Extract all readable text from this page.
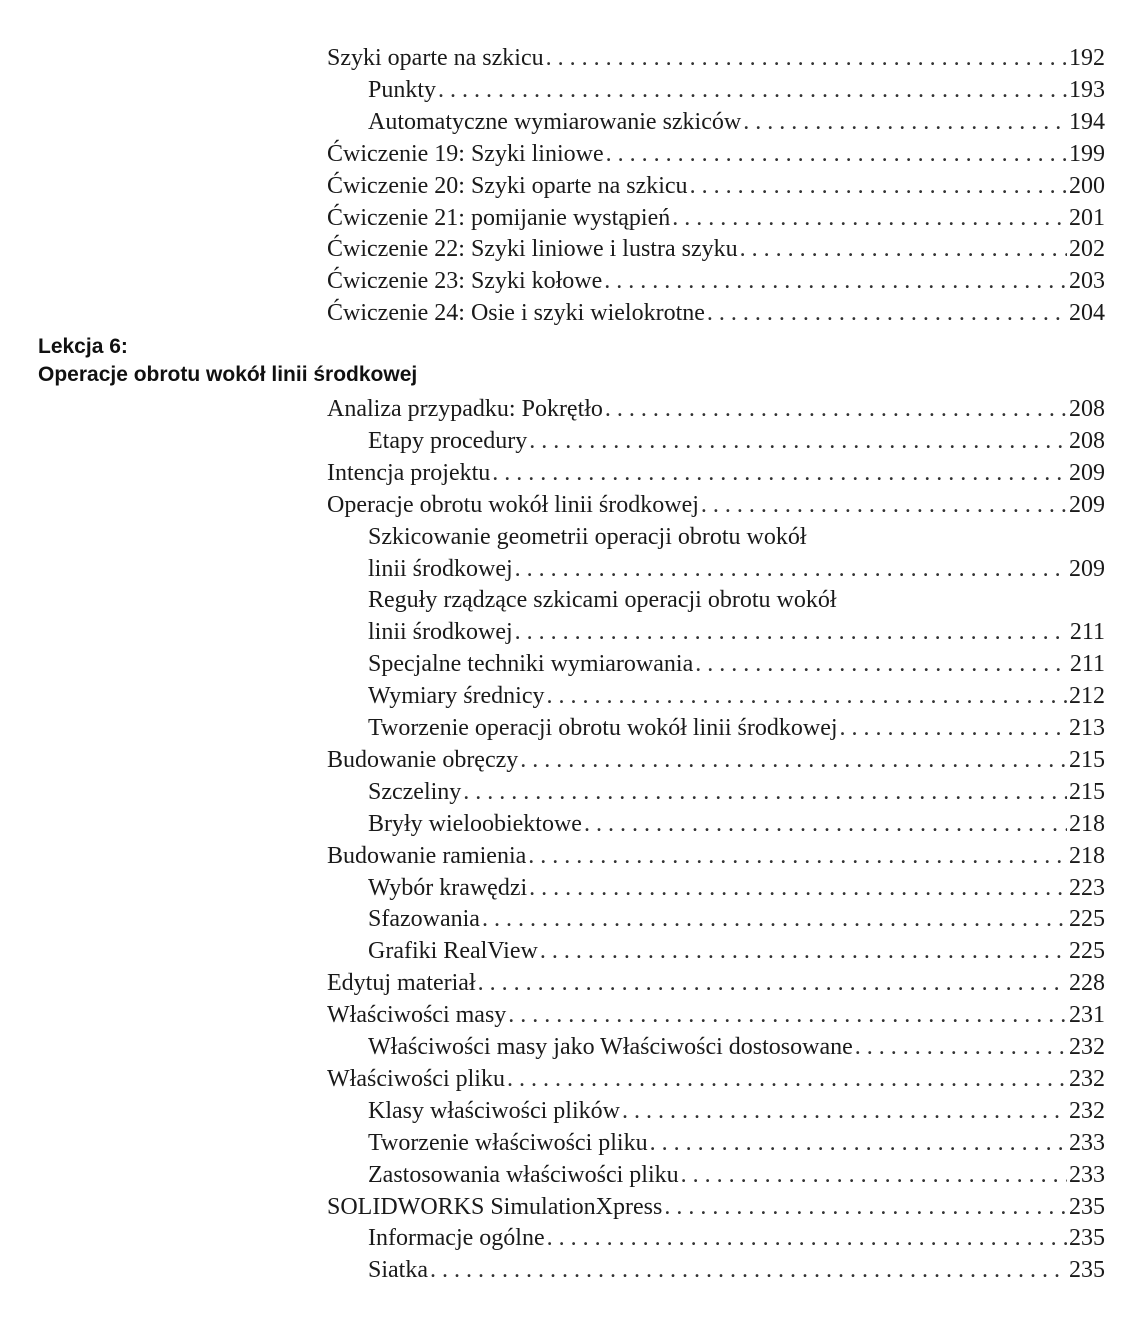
Szyki oparte na szkicu . . .	192
Punkty . . .	193
Automatyczne wymiarowanie szkiców . . .	194
Ćwiczenie 19: Szyki liniowe . . .	199
Ćwiczenie 20: Szyki oparte na szkicu . . .	200
Ćwiczenie 21: pomijanie wystąpień . . .	201
Ćwiczenie 22: Szyki liniowe i lustra szyku . . .	202
Ćwiczenie 23: Szyki kołowe . . .	203
Ćwiczenie 24: Osie i szyki wielokrotne . . .	204
Analiza przypadku: Pokrętło . . .	208
Etapy procedury . . .	208
Intencja projektu . . .	209
Operacje obrotu wokół linii środkowej . . .	209
Szkicowanie geometrii operacji obrotu wokół
linii środkowej . . .	209
Reguły rządzące szkicami operacji obrotu wokół
linii środkowej . . .	211
Specjalne techniki wymiarowania . . .	211
Wymiary średnicy . . .	212
Tworzenie operacji obrotu wokół linii środkowej . . .	213
Budowanie obręczy . . .	215
Szczeliny . . .	215
Bryły wieloobiektowe . . .	218
Budowanie ramienia . . .	218
Wybór krawędzi . . .	223
Sfazowania . . .	225
Grafiki RealView . . .	225
Edytuj materiał . . .	228
Właściwości masy . . .	231
Właściwości masy jako Właściwości dostosowane . . .	232
Właściwości pliku . . .	232
Klasy właściwości plików . . .	232
Tworzenie właściwości pliku . . .	233
Zastosowania właściwości pliku . . .	233
SOLIDWORKS SimulationXpress . . .	235
Informacje ogólne . . .	235
Siatka . . .	235
Lekcja 6:
Operacje obrotu wokół linii środkowej
